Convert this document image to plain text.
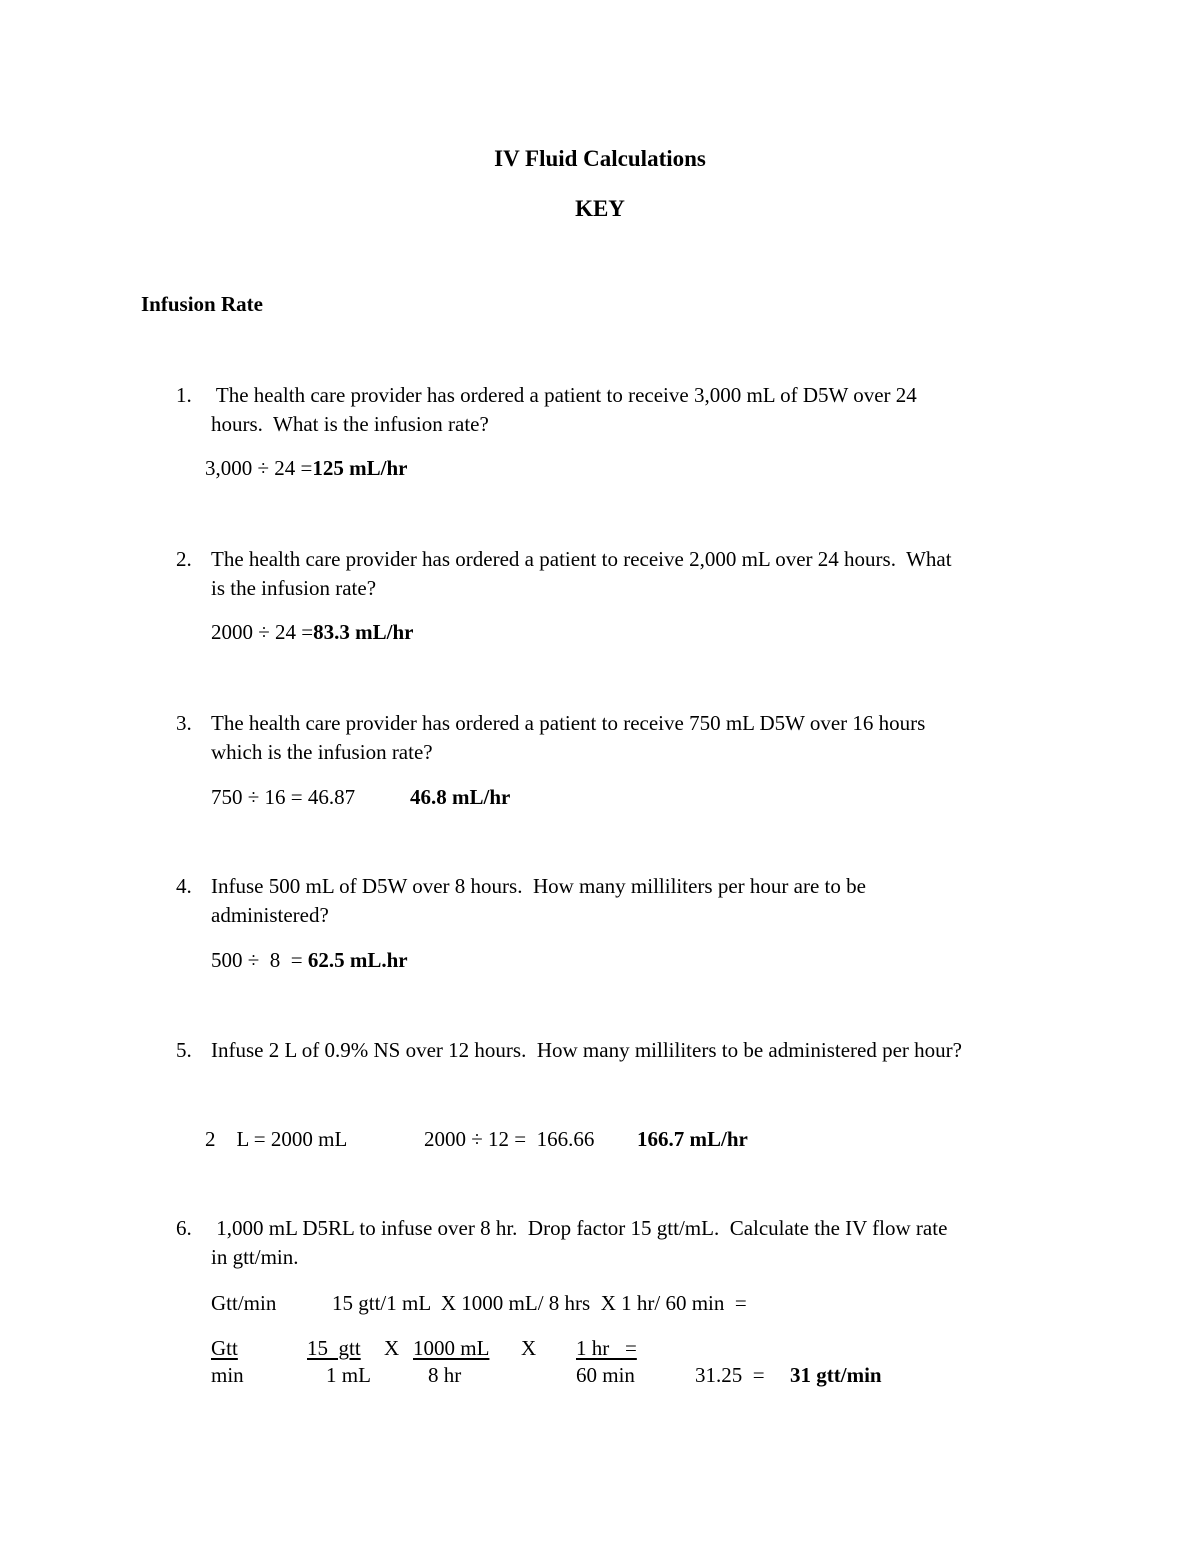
IV Fluid Calculations
KEY
Infusion Rate
1. The health care provider has ordered a patient to receive 3,000 mL of D5W over 24
hours.  What is the infusion rate?
3,000 ÷ 24 =125 mL/hr
2. The health care provider has ordered a patient to receive 2,000 mL over 24 hours.  What
is the infusion rate?
2000 ÷ 24 =83.3 mL/hr
3. The health care provider has ordered a patient to receive 750 mL D5W over 16 hours
which is the infusion rate?
750 ÷ 16 = 46.87	46.8 mL/hr
4. Infuse 500 mL of D5W over 8 hours.  How many milliliters per hour are to be
administered?
500 ÷  8  = 62.5 mL.hr
5. Infuse 2 L of 0.9% NS over 12 hours.  How many milliliters to be administered per hour?
2    L = 2000 mL	2000 ÷ 12 =  166.66 166.7 mL/hr
6. 1,000 mL D5RL to infuse over 8 hr.  Drop factor 15 gtt/mL.  Calculate the IV flow rate
in gtt/min.
Gtt/min	15 gtt/1 mL  X 1000 mL/ 8 hrs  X 1 hr/ 60 min  =
Gtt
min
15  gtt
1 mL
X 1000 mL
8 hr
X 1 hr   =
60 min	31.25  = 31 gtt/min
